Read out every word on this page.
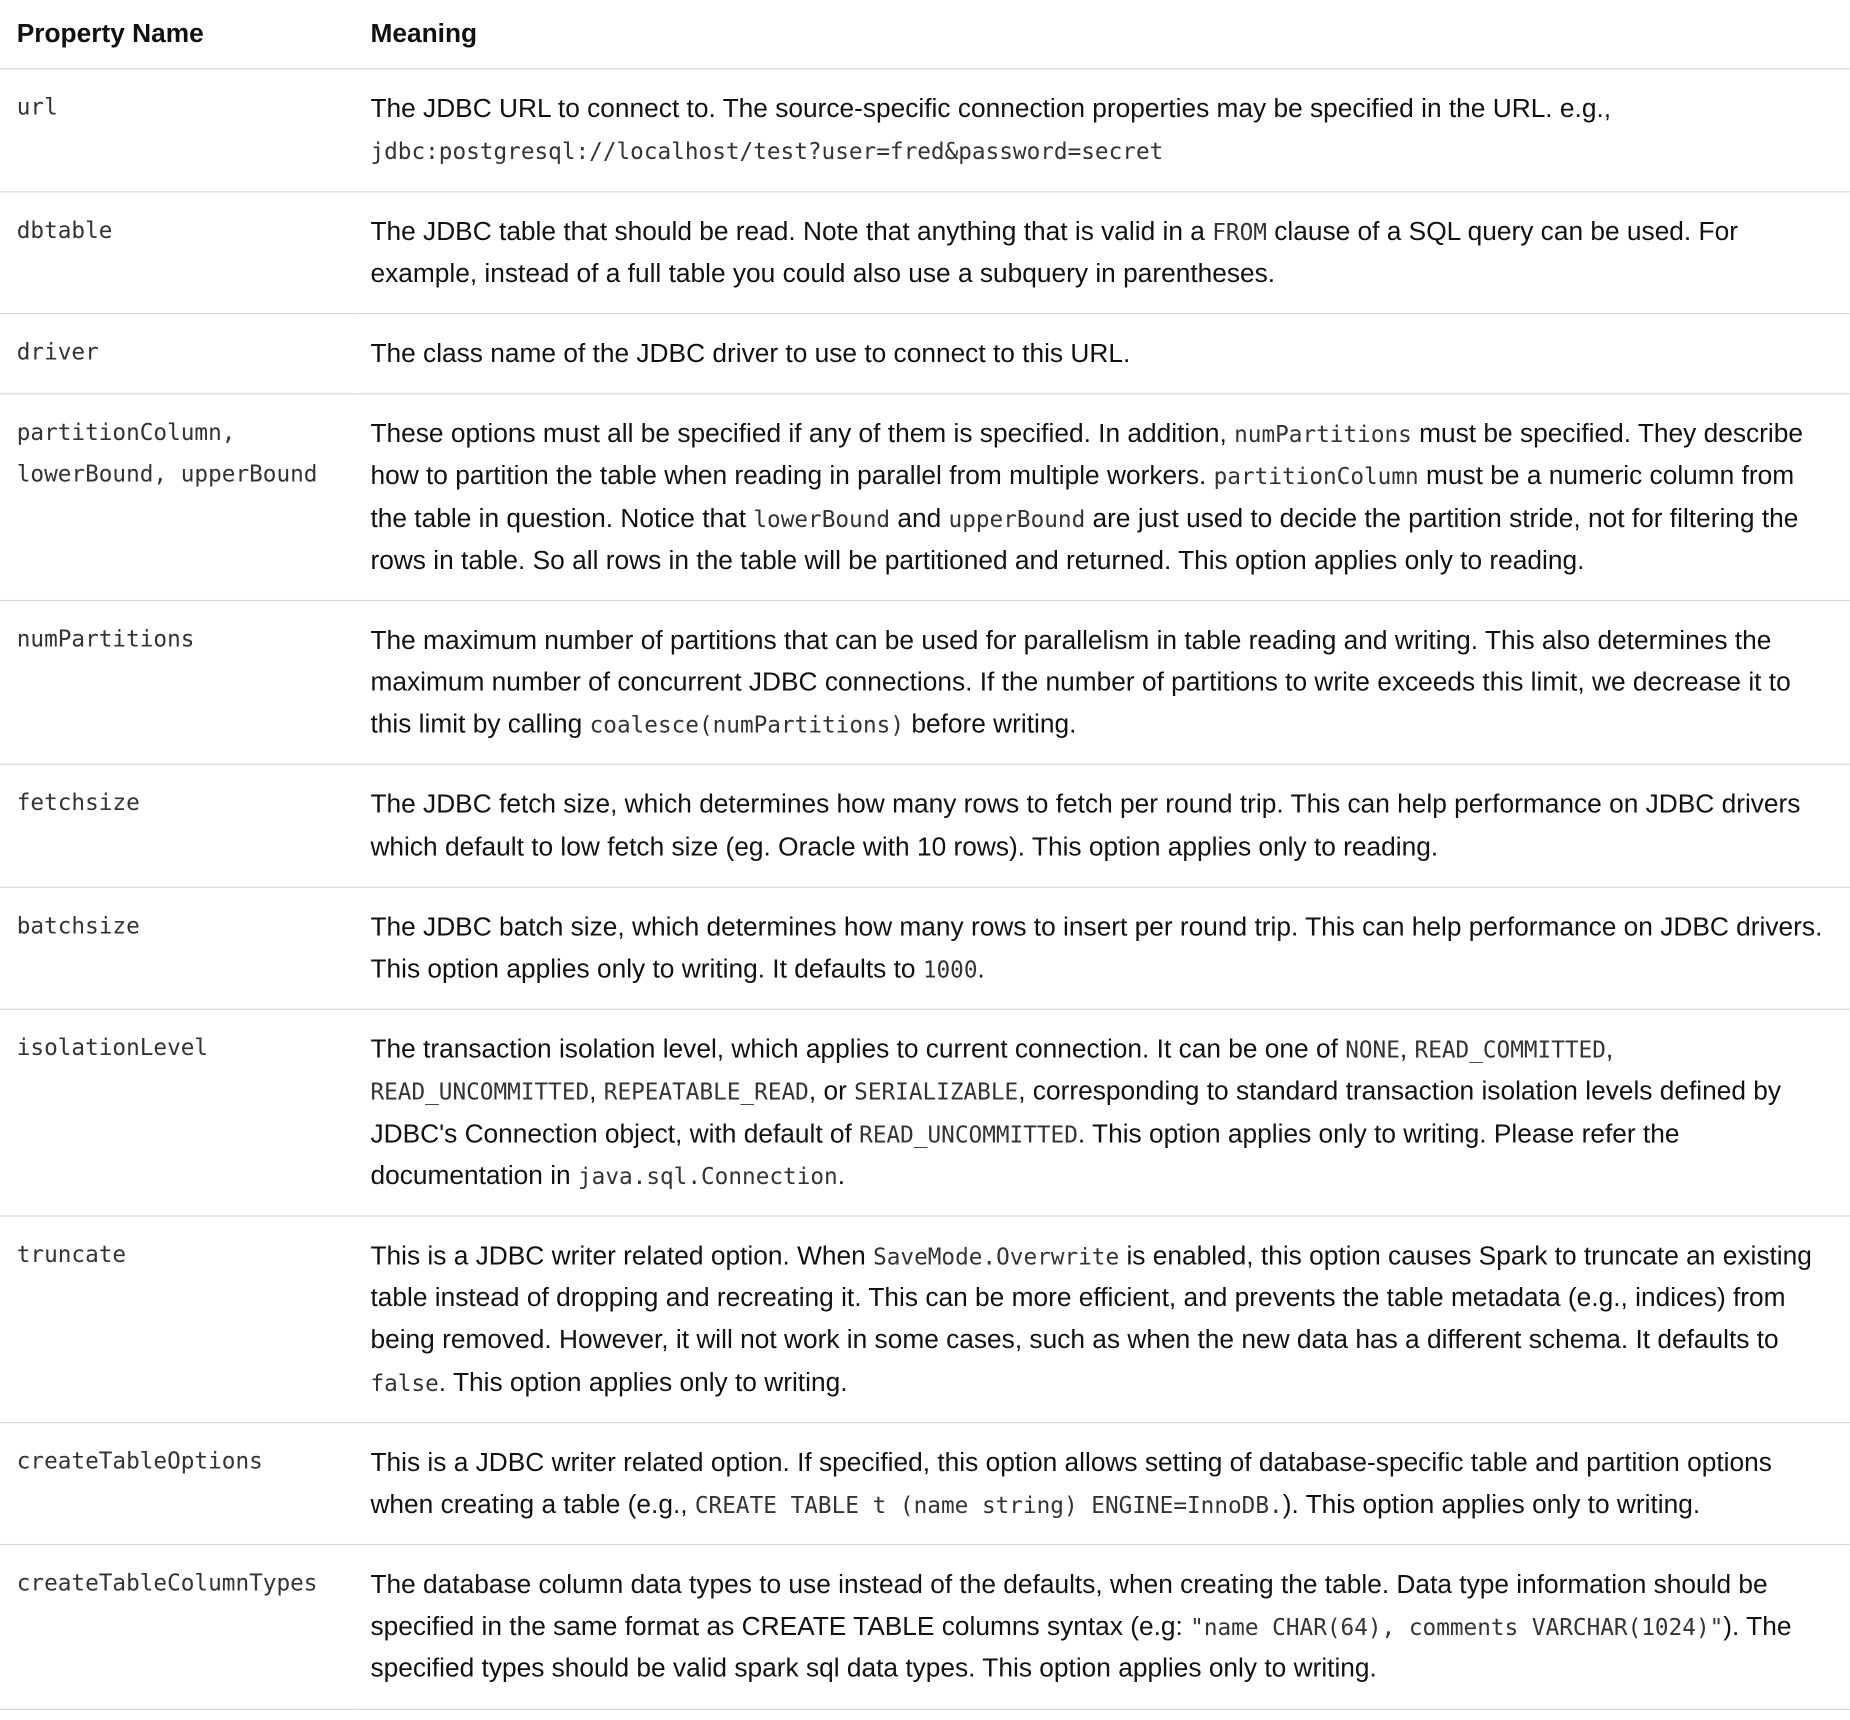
Property Name	Meaning
url	The JDBC URL to connect to. The source-specific connection properties may be specified in the URL. e.g., jdbc:postgresql://localhost/test?user=fred&password=secret
dbtable	The JDBC table that should be read. Note that anything that is valid in a FROM clause of a SQL query can be used. For example, instead of a full table you could also use a subquery in parentheses.
driver	The class name of the JDBC driver to use to connect to this URL.
partitionColumn, lowerBound, upperBound	These options must all be specified if any of them is specified. In addition, numPartitions must be specified. They describe how to partition the table when reading in parallel from multiple workers. partitionColumn must be a numeric column from the table in question. Notice that lowerBound and upperBound are just used to decide the partition stride, not for filtering the rows in table. So all rows in the table will be partitioned and returned. This option applies only to reading.
numPartitions	The maximum number of partitions that can be used for parallelism in table reading and writing. This also determines the maximum number of concurrent JDBC connections. If the number of partitions to write exceeds this limit, we decrease it to this limit by calling coalesce(numPartitions) before writing.
fetchsize	The JDBC fetch size, which determines how many rows to fetch per round trip. This can help performance on JDBC drivers which default to low fetch size (eg. Oracle with 10 rows). This option applies only to reading.
batchsize	The JDBC batch size, which determines how many rows to insert per round trip. This can help performance on JDBC drivers. This option applies only to writing. It defaults to 1000.
isolationLevel	The transaction isolation level, which applies to current connection. It can be one of NONE, READ_COMMITTED, READ_UNCOMMITTED, REPEATABLE_READ, or SERIALIZABLE, corresponding to standard transaction isolation levels defined by JDBC's Connection object, with default of READ_UNCOMMITTED. This option applies only to writing. Please refer the documentation in java.sql.Connection.
truncate	This is a JDBC writer related option. When SaveMode.Overwrite is enabled, this option causes Spark to truncate an existing table instead of dropping and recreating it. This can be more efficient, and prevents the table metadata (e.g., indices) from being removed. However, it will not work in some cases, such as when the new data has a different schema. It defaults to false. This option applies only to writing.
createTableOptions	This is a JDBC writer related option. If specified, this option allows setting of database-specific table and partition options when creating a table (e.g., CREATE TABLE t (name string) ENGINE=InnoDB.). This option applies only to writing.
createTableColumnTypes	The database column data types to use instead of the defaults, when creating the table. Data type information should be specified in the same format as CREATE TABLE columns syntax (e.g: "name CHAR(64), comments VARCHAR(1024)"). The specified types should be valid spark sql data types. This option applies only to writing.
